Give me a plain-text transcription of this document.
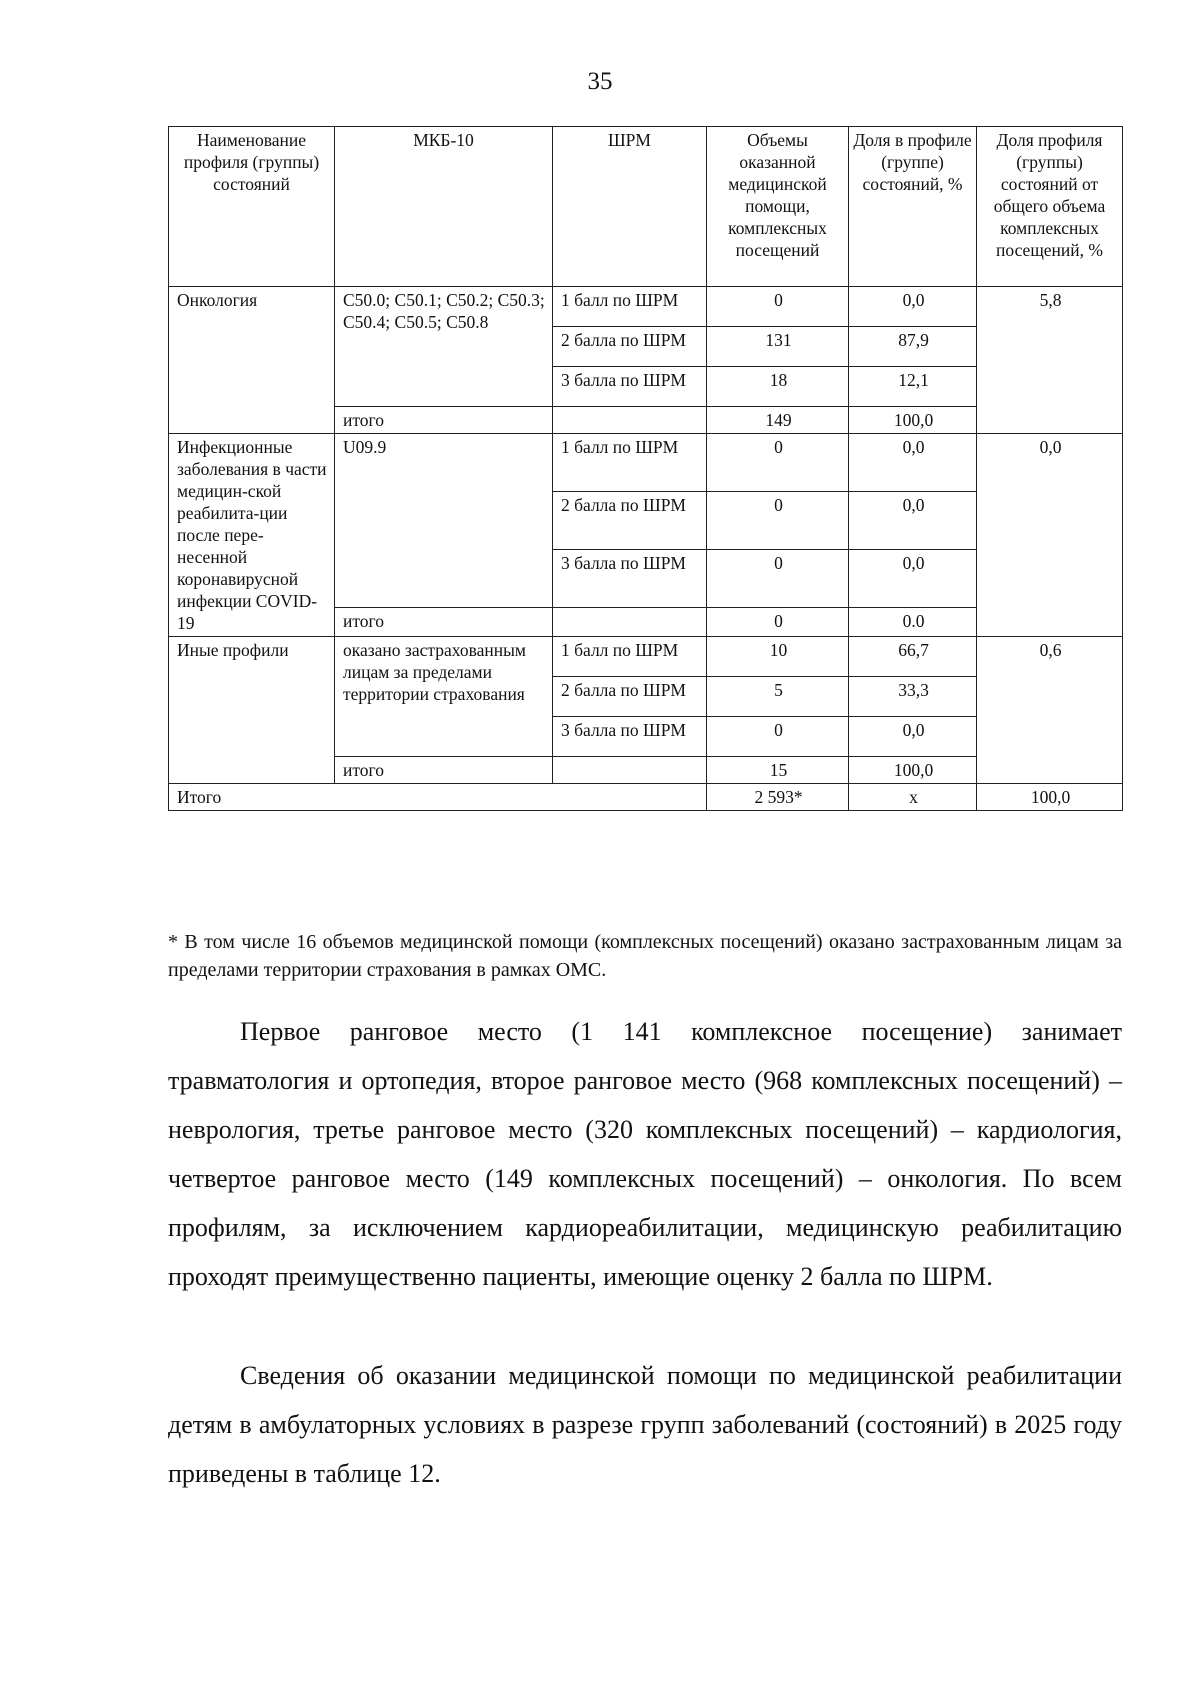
35
Наименование профиля (группы) состояний	МКБ-10	ШРМ	Объемы оказанной медицинской помощи, комплексных посещений	Доля в профиле (группе) состояний, %	Доля профиля (группы) состояний от общего объема комплексных посещений, %
Онкология	С50.0; С50.1; С50.2; С50.3; С50.4; С50.5; С50.8	1 балл по ШРМ	0	0,0	5,8
		2 балла по ШРМ	131	87,9	
		3 балла по ШРМ	18	12,1	
	итого		149	100,0	
Инфекционные заболевания в части медицин-ской реабилита-ции после пере-несенной коронавирусной инфекции COVID-19	U09.9	1 балл по ШРМ	0	0,0	0,0
		2 балла по ШРМ	0	0,0	
		3 балла по ШРМ	0	0,0	
	итого		0	0.0	
Иные профили	оказано застрахованным лицам за пределами территории страхования	1 балл по ШРМ	10	66,7	0,6
		2 балла по ШРМ	5	33,3	
		3 балла по ШРМ	0	0,0	
	итого		15	100,0	
Итого			2 593*	х	100,0
* В том числе 16 объемов медицинской помощи (комплексных посещений) оказано застрахованным лицам за пределами территории страхования в рамках ОМС.
Первое ранговое место (1 141 комплексное посещение) занимает травматология и ортопедия, второе ранговое место (968 комплексных посещений) – неврология, третье ранговое место (320 комплексных посещений) – кардиология, четвертое ранговое место (149 комплексных посещений) – онкология. По всем профилям, за исключением кардиореабилитации, медицинскую реабилитацию проходят преимущественно пациенты, имеющие оценку 2 балла по ШРМ.
Сведения об оказании медицинской помощи по медицинской реабилитации детям в амбулаторных условиях в разрезе групп заболеваний (состояний) в 2025 году приведены в таблице 12.
